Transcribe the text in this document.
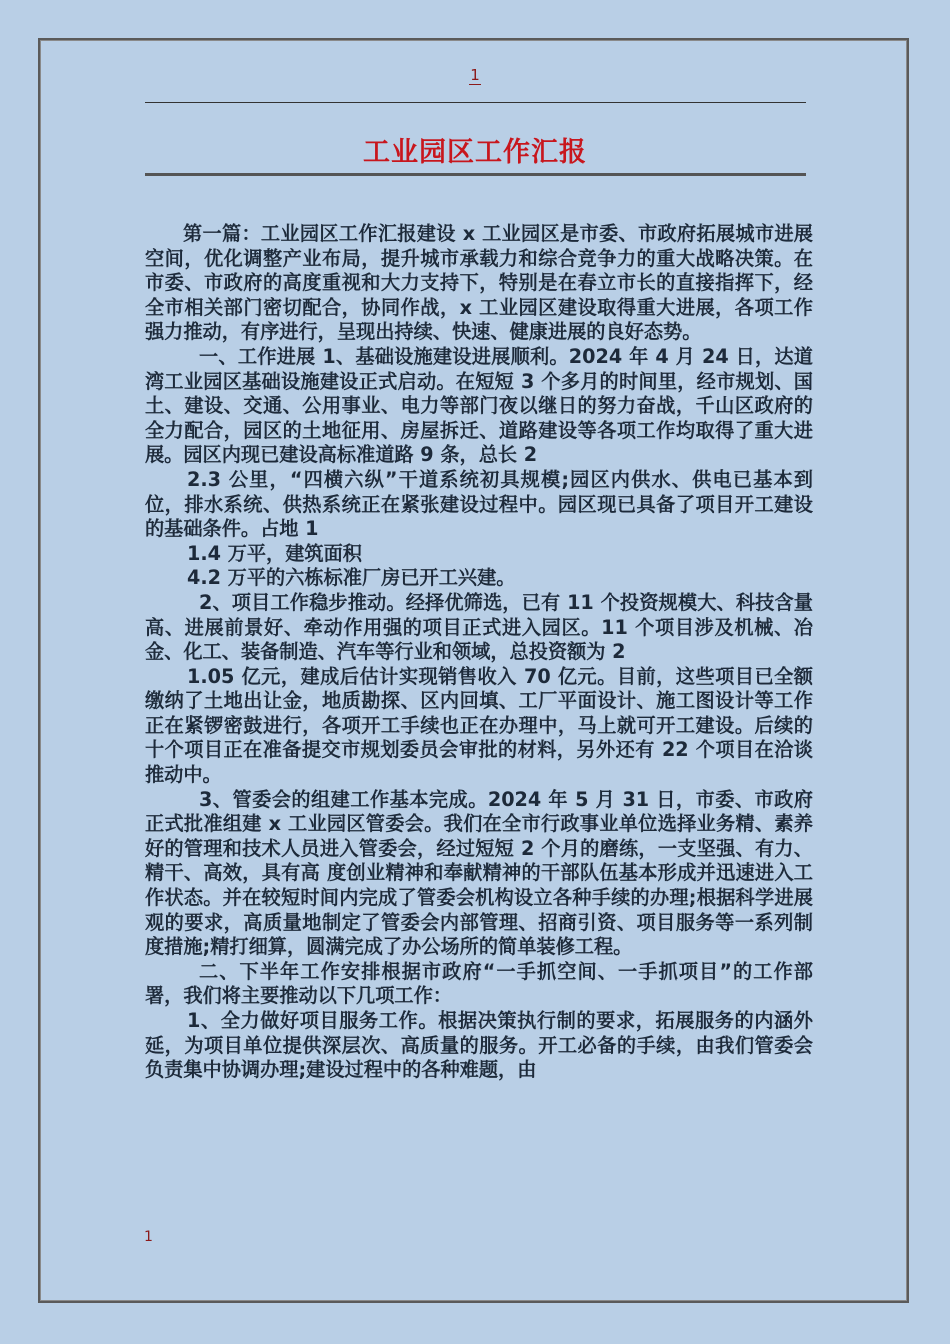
1
工业园区工作汇报

第一篇：工业园区工作汇报建设 x 工业园区是市委、市政府拓展城市进展空间，优化调整产业布局，提升城市承载力和综合竞争力的重大战略决策。在市委、市政府的高度重视和大力支持下，特别是在春立市长的直接指挥下，经全市相关部门密切配合，协同作战，x 工业园区建设取得重大进展，各项工作强力推动，有序进行，呈现出持续、快速、健康进展的良好态势。

一、工作进展 1、基础设施建设进展顺利。2024 年 4 月 24 日，达道湾工业园区基础设施建设正式启动。在短短 3 个多月的时间里，经市规划、国土、建设、交通、公用事业、电力等部门夜以继日的努力奋战，千山区政府的全力配合，园区的土地征用、房屋拆迁、道路建设等各项工作均取得了重大进展。园区内现已建设高标准道路 9 条，总长 2

2.3 公里，“四横六纵”干道系统初具规模;园区内供水、供电已基本到位，排水系统、供热系统正在紧张建设过程中。园区现已具备了项目开工建设的基础条件。占地 1

1.4 万平，建筑面积

4.2 万平的六栋标准厂房已开工兴建。

2、项目工作稳步推动。经择优筛选，已有 11 个投资规模大、科技含量高、进展前景好、牵动作用强的项目正式进入园区。11 个项目涉及机械、冶金、化工、装备制造、汽车等行业和领域，总投资额为 2

1.05 亿元，建成后估计实现销售收入 70 亿元。目前，这些项目已全额缴纳了土地出让金，地质勘探、区内回填、工厂平面设计、施工图设计等工作正在紧锣密鼓进行，各项开工手续也正在办理中，马上就可开工建设。后续的十个项目正在准备提交市规划委员会审批的材料，另外还有 22 个项目在洽谈推动中。

3、管委会的组建工作基本完成。2024 年 5 月 31 日，市委、市政府正式批准组建 x 工业园区管委会。我们在全市行政事业单位选择业务精、素养好的管理和技术人员进入管委会，经过短短 2 个月的磨练，一支坚强、有力、精干、高效，具有高 度创业精神和奉献精神的干部队伍基本形成并迅速进入工作状态。并在较短时间内完成了管委会机构设立各种手续的办理;根据科学进展观的要求，高质量地制定了管委会内部管理、招商引资、项目服务等一系列制度措施;精打细算，圆满完成了办公场所的简单装修工程。

二、下半年工作安排根据市政府“一手抓空间、一手抓项目”的工作部署，我们将主要推动以下几项工作：

1、全力做好项目服务工作。根据决策执行制的要求，拓展服务的内涵外延，为项目单位提供深层次、高质量的服务。开工必备的手续，由我们管委会负责集中协调办理;建设过程中的各种难题，由

1
